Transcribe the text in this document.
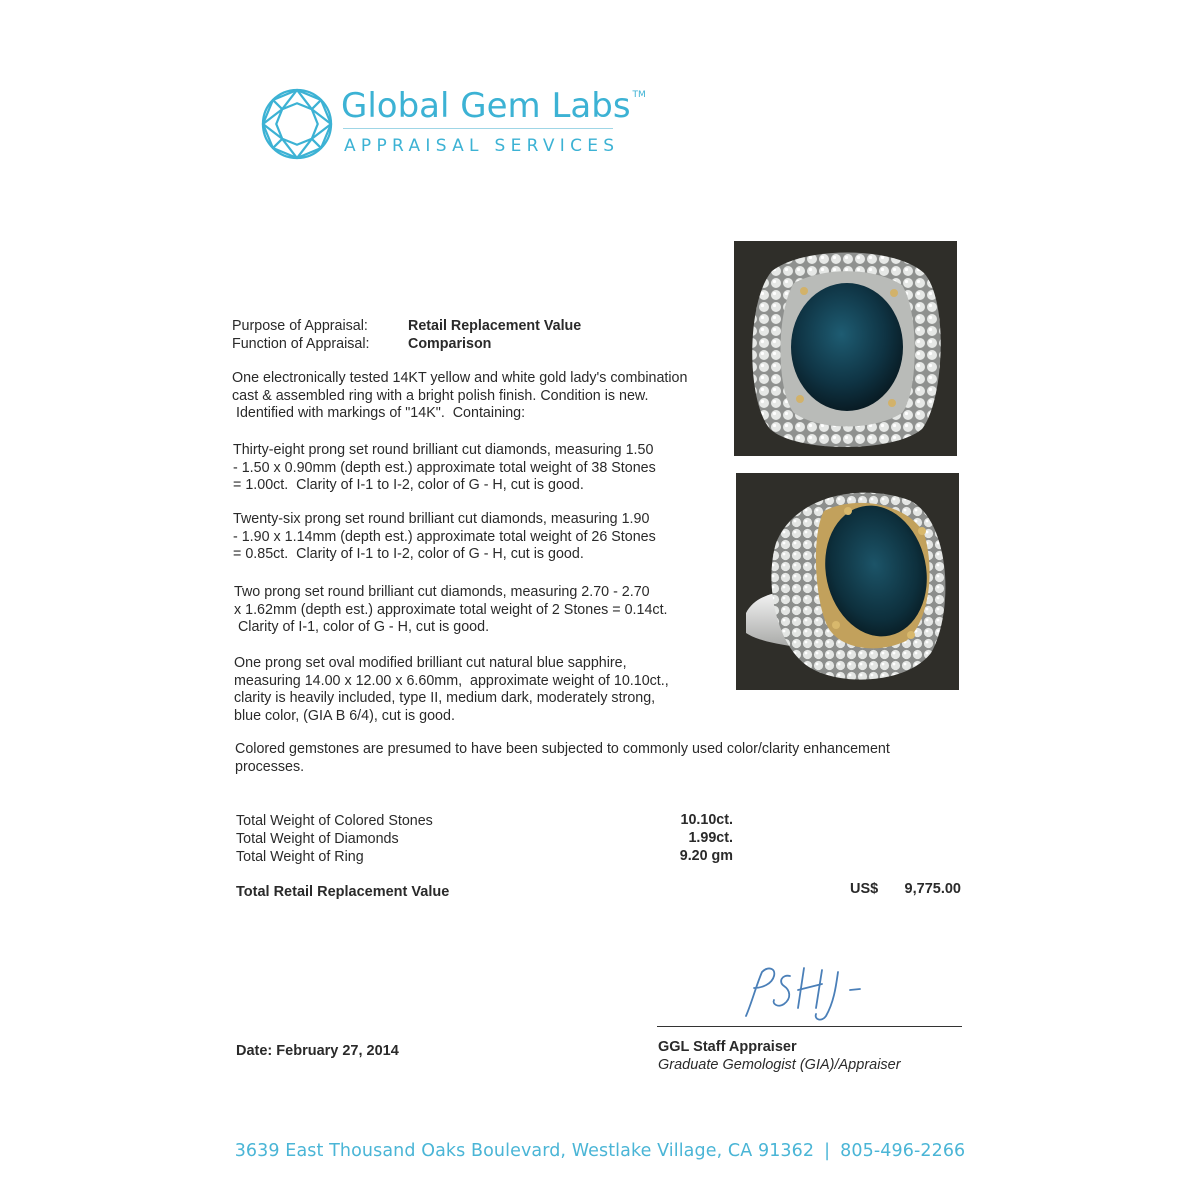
Global Gem Labs ™
APPRAISAL SERVICES
Purpose of Appraisal:	Retail Replacement Value
Function of Appraisal:	Comparison
One electronically tested 14KT yellow and white gold lady's combination
cast & assembled ring with a bright polish finish. Condition is new.
Identified with markings of "14K".  Containing:
Thirty-eight prong set round brilliant cut diamonds, measuring 1.50
- 1.50 x 0.90mm (depth est.) approximate total weight of 38 Stones
= 1.00ct.  Clarity of I-1 to I-2, color of G - H, cut is good.
Twenty-six prong set round brilliant cut diamonds, measuring 1.90
- 1.90 x 1.14mm (depth est.) approximate total weight of 26 Stones
= 0.85ct.  Clarity of I-1 to I-2, color of G - H, cut is good.
Two prong set round brilliant cut diamonds, measuring 2.70 - 2.70
x 1.62mm (depth est.) approximate total weight of 2 Stones = 0.14ct.
Clarity of I-1, color of G - H, cut is good.
One prong set oval modified brilliant cut natural blue sapphire,
measuring 14.00 x 12.00 x 6.60mm,  approximate weight of 10.10ct.,
clarity is heavily included, type II, medium dark, moderately strong,
blue color, (GIA B 6/4), cut is good.
Colored gemstones are presumed to have been subjected to commonly used color/clarity enhancement
processes.
Total Weight of Colored Stones	10.10ct.
Total Weight of Diamonds	1.99ct.
Total Weight of Ring	9.20 gm
Total Retail Replacement Value	US$	9,775.00
Date: February 27, 2014	GGL Staff Appraiser
Graduate Gemologist (GIA)/Appraiser
3639 East Thousand Oaks Boulevard, Westlake Village, CA 91362 | 805-496-2266
